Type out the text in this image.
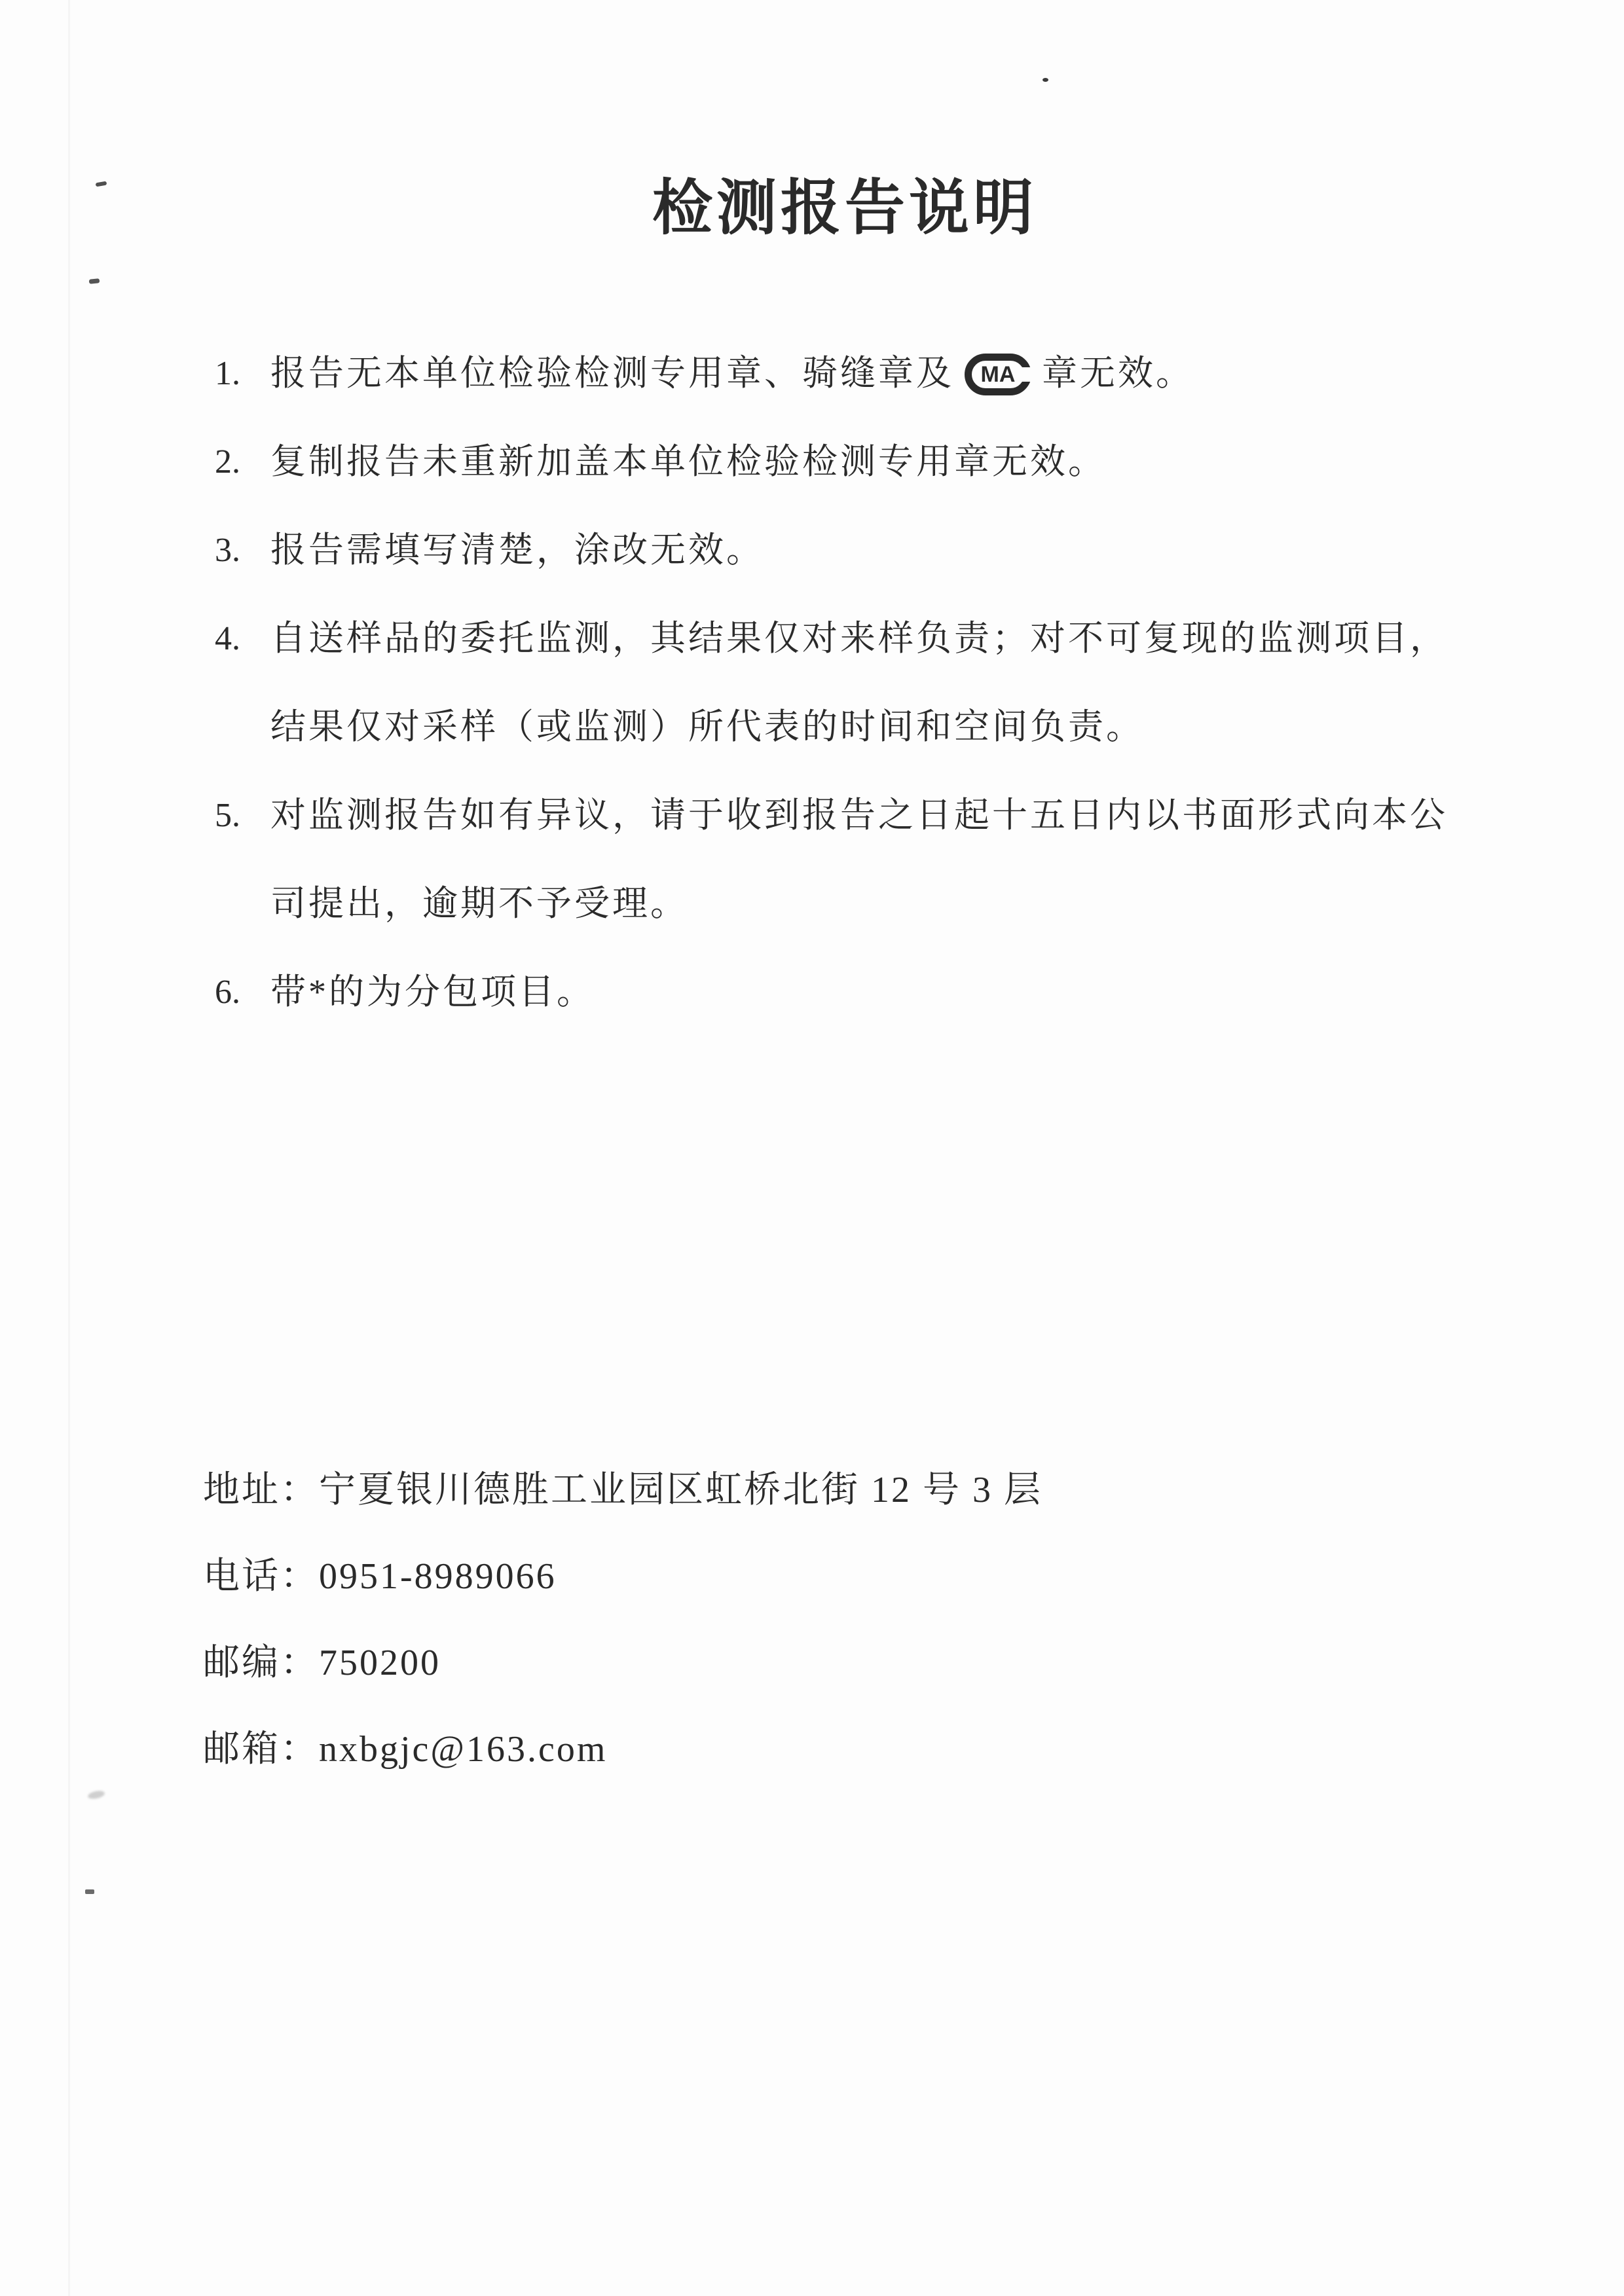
检测报告说明
1. 报告无本单位检验检测专用章、骑缝章及 MA 章无效。
2. 复制报告未重新加盖本单位检验检测专用章无效。
3. 报告需填写清楚，涂改无效。
4. 自送样品的委托监测，其结果仅对来样负责；对不可复现的监测项目，
结果仅对采样（或监测）所代表的时间和空间负责。
5. 对监测报告如有异议，请于收到报告之日起十五日内以书面形式向本公
司提出，逾期不予受理。
6. 带*的为分包项目。
地址：宁夏银川德胜工业园区虹桥北街 12 号 3 层
电话：0951-8989066
邮编：750200
邮箱：nxbgjc@163.com
